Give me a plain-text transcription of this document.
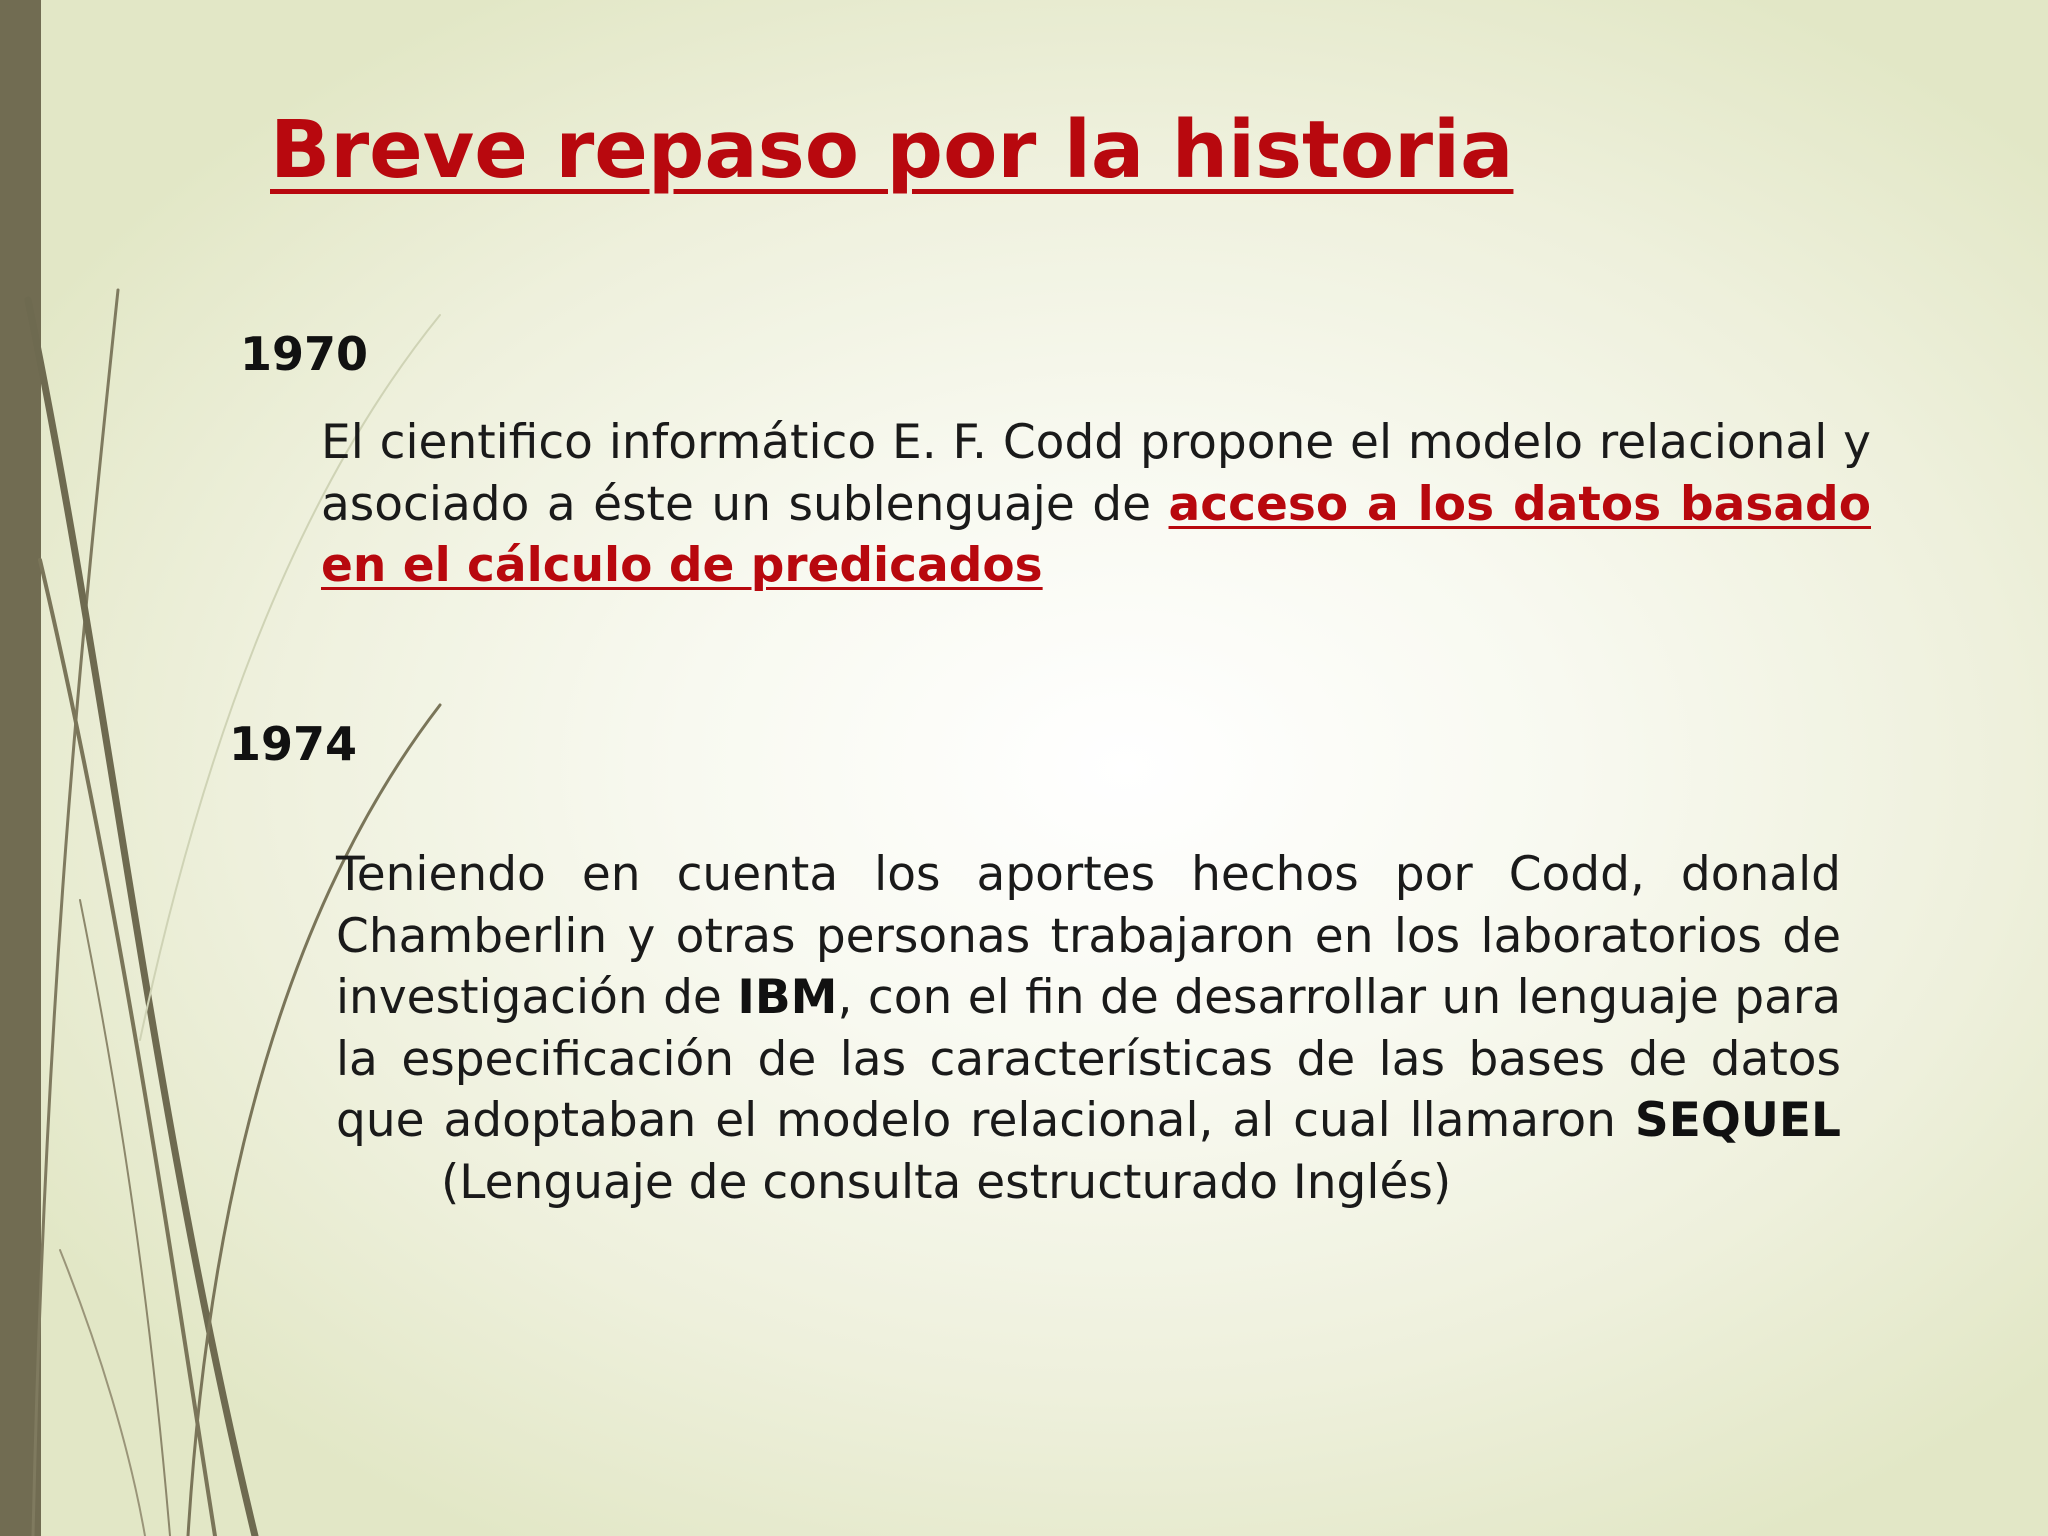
Breve repaso por la historia
1970

El cientifico informático E. F. Codd propone el modelo relacional y asociado a éste un sublenguaje de acceso a los datos basado en el cálculo de predicados

1974

Teniendo en cuenta los aportes hechos por Codd, donald Chamberlin y otras personas trabajaron en los laboratorios de investigación de IBM, con el fin de desarrollar un lenguaje para la especificación de las características de las bases de datos que adoptaban el modelo relacional, al cual llamaron SEQUEL (Lenguaje de consulta estructurado Inglés)
